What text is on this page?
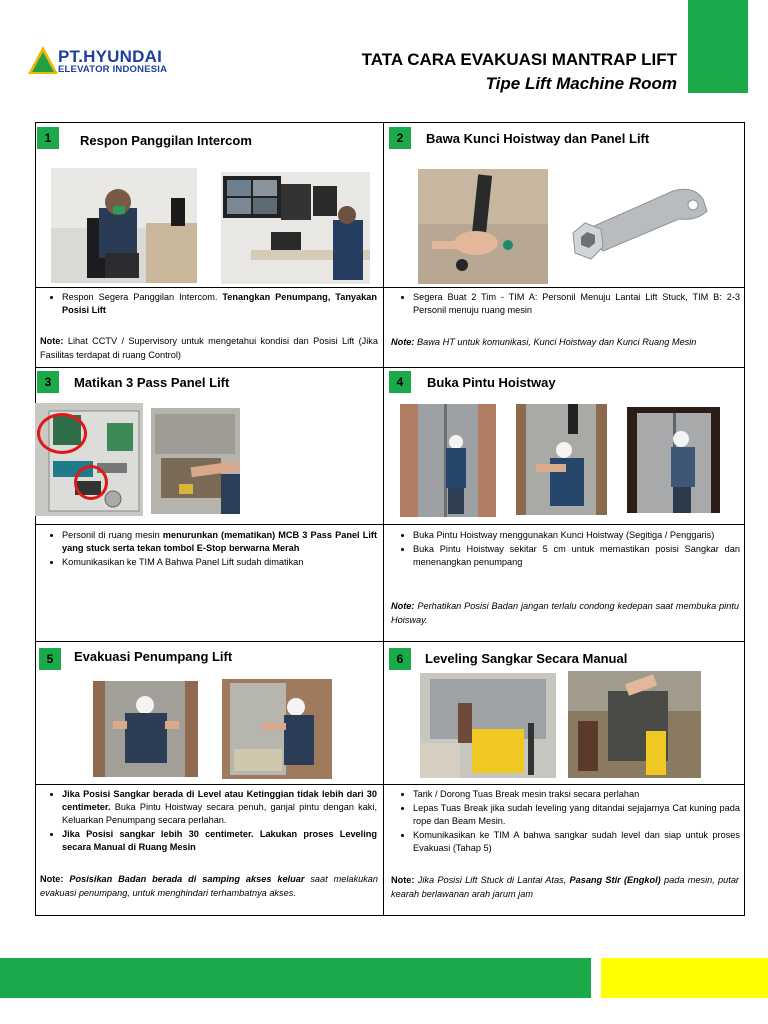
PT.HYUNDAI
ELEVATOR INDONESIA
TATA CARA EVAKUASI MANTRAP LIFT
Tipe Lift Machine Room
1	Respon Panggilan Intercom
• Respon Segera Panggilan Intercom. Tenangkan Penumpang, Tanyakan Posisi Lift
Note: Lihat CCTV / Supervisory untuk mengetahui kondisi dan Posisi Lift (Jika Fasilitas terdapat di ruang Control)
2	Bawa Kunci Hoistway dan Panel Lift
• Segera Buat 2 Tim - TIM A: Personil Menuju Lantai Lift Stuck, TIM B: 2-3 Personil menuju ruang mesin
Note: Bawa HT untuk komunikasi, Kunci Hoistway dan Kunci Ruang Mesin
3	Matikan 3 Pass Panel Lift
• Personil di ruang mesin menurunkan (mematikan) MCB 3 Pass Panel Lift yang stuck serta tekan tombol E-Stop berwarna Merah
• Komunikasikan ke TIM A Bahwa Panel Lift sudah dimatikan
4	Buka Pintu Hoistway
• Buka Pintu Hoistway menggunakan Kunci Hoistway (Segitiga / Penggaris)
• Buka Pintu Hoistway sekitar 5 cm untuk memastikan posisi Sangkar dan menenangkan penumpang
Note: Perhatikan Posisi Badan jangan terlalu condong kedepan saat membuka pintu Hoisway.
5	Evakuasi Penumpang Lift
• Jika Posisi Sangkar berada di Level atau Ketinggian tidak lebih dari 30 centimeter. Buka Pintu Hoistway secara penuh, ganjal pintu dengan kaki, Keluarkan Penumpang secara perlahan.
• Jika Posisi sangkar lebih 30 centimeter. Lakukan proses Leveling secara Manual di Ruang Mesin
Note: Posisikan Badan berada di samping akses keluar saat melakukan evakuasi penumpang, untuk menghindari terhambatnya akses.
6	Leveling Sangkar Secara Manual
• Tarik / Dorong Tuas Break mesin traksi secara perlahan
• Lepas Tuas Break jika sudah leveling yang ditandai sejajarnya Cat kuning pada rope dan Beam Mesin.
• Komunikasikan ke TIM A bahwa sangkar sudah level dan siap untuk proses Evakuasi (Tahap 5)
Note: Jika Posisi Lift Stuck di Lantai Atas, Pasang Stir (Engkol) pada mesin, putar kearah berlawanan arah jarum jam
